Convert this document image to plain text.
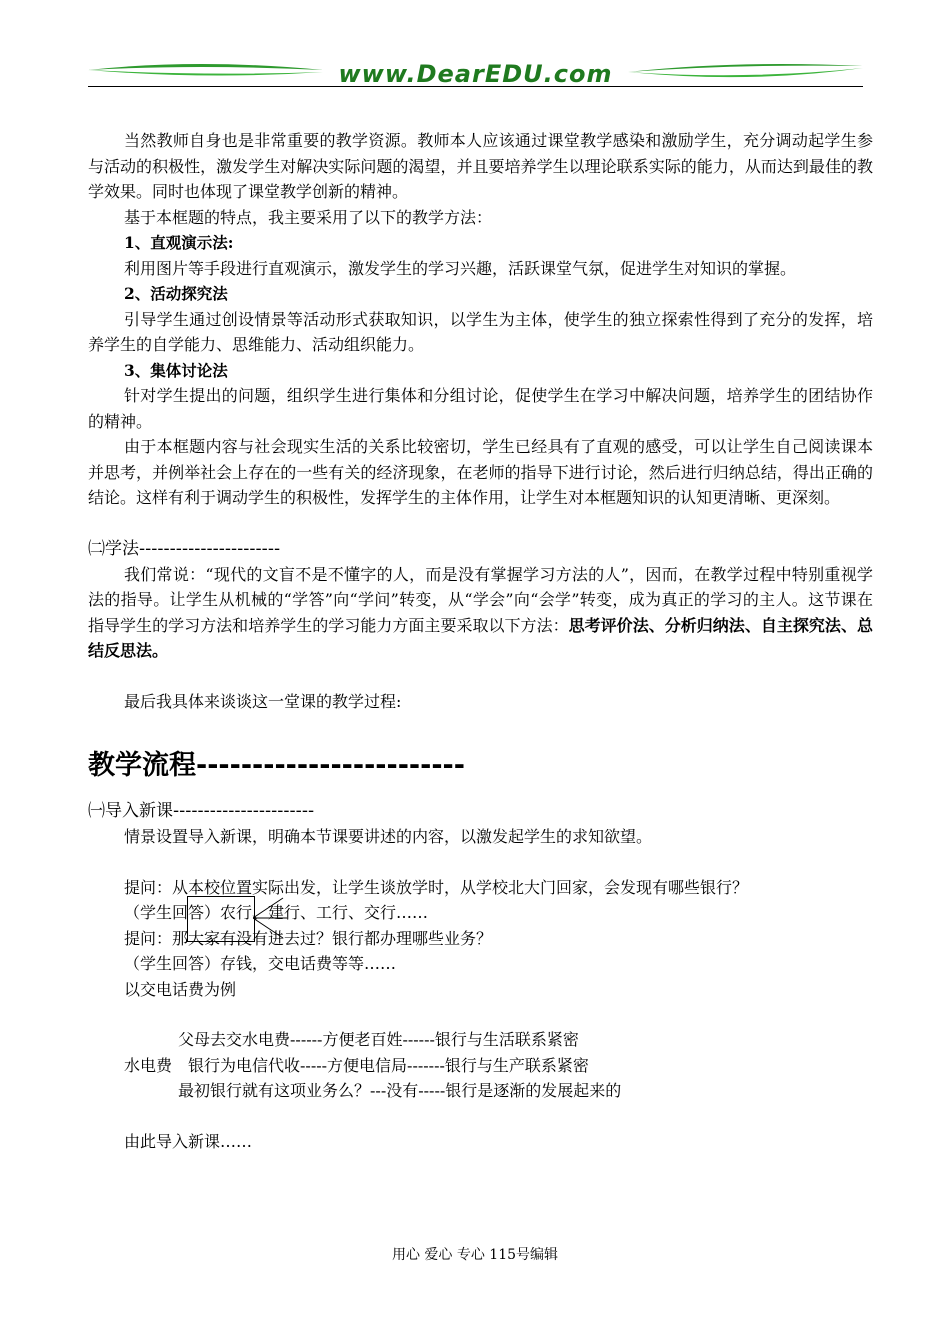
www.DearEDU.com

当然教师自身也是非常重要的教学资源。教师本人应该通过课堂教学感染和激励学生，充分调动起学生参与活动的积极性，激发学生对解决实际问题的渴望，并且要培养学生以理论联系实际的能力，从而达到最佳的教学效果。同时也体现了课堂教学创新的精神。

基于本框题的特点，我主要采用了以下的教学方法：

1、直观演示法:

利用图片等手段进行直观演示，激发学生的学习兴趣，活跃课堂气氛，促进学生对知识的掌握。

2、活动探究法

引导学生通过创设情景等活动形式获取知识，以学生为主体，使学生的独立探索性得到了充分的发挥，培养学生的自学能力、思维能力、活动组织能力。

3、集体讨论法

针对学生提出的问题，组织学生进行集体和分组讨论，促使学生在学习中解决问题，培养学生的团结协作的精神。

由于本框题内容与社会现实生活的关系比较密切，学生已经具有了直观的感受，可以让学生自己阅读课本并思考，并例举社会上存在的一些有关的经济现象，在老师的指导下进行讨论，然后进行归纳总结，得出正确的结论。这样有利于调动学生的积极性，发挥学生的主体作用，让学生对本框题知识的认知更清晰、更深刻。

㈡学法-----------------------

我们常说：“现代的文盲不是不懂字的人，而是没有掌握学习方法的人”，因而，在教学过程中特别重视学法的指导。让学生从机械的“学答”向“学问”转变，从“学会”向“会学”转变，成为真正的学习的主人。这节课在指导学生的学习方法和培养学生的学习能力方面主要采取以下方法：思考评价法、分析归纳法、自主探究法、总结反思法。

最后我具体来谈谈这一堂课的教学过程:

教学流程------------------------

㈠导入新课-----------------------

情景设置导入新课，明确本节课要讲述的内容，以激发起学生的求知欲望。

提问：从本校位置实际出发，让学生谈放学时，从学校北大门回家，会发现有哪些银行？

（学生回答）农行、建行、工行、交行……

提问：那大家有没有进去过？银行都办理哪些业务？

（学生回答）存钱，交电话费等等……

以交电话费为例

父母去交水电费------方便老百姓------银行与生活联系紧密

水电费 银行为电信代收-----方便电信局-------银行与生产联系紧密

最初银行就有这项业务么？---没有-----银行是逐渐的发展起来的

由此导入新课……

用心 爱心 专心 115号编辑
